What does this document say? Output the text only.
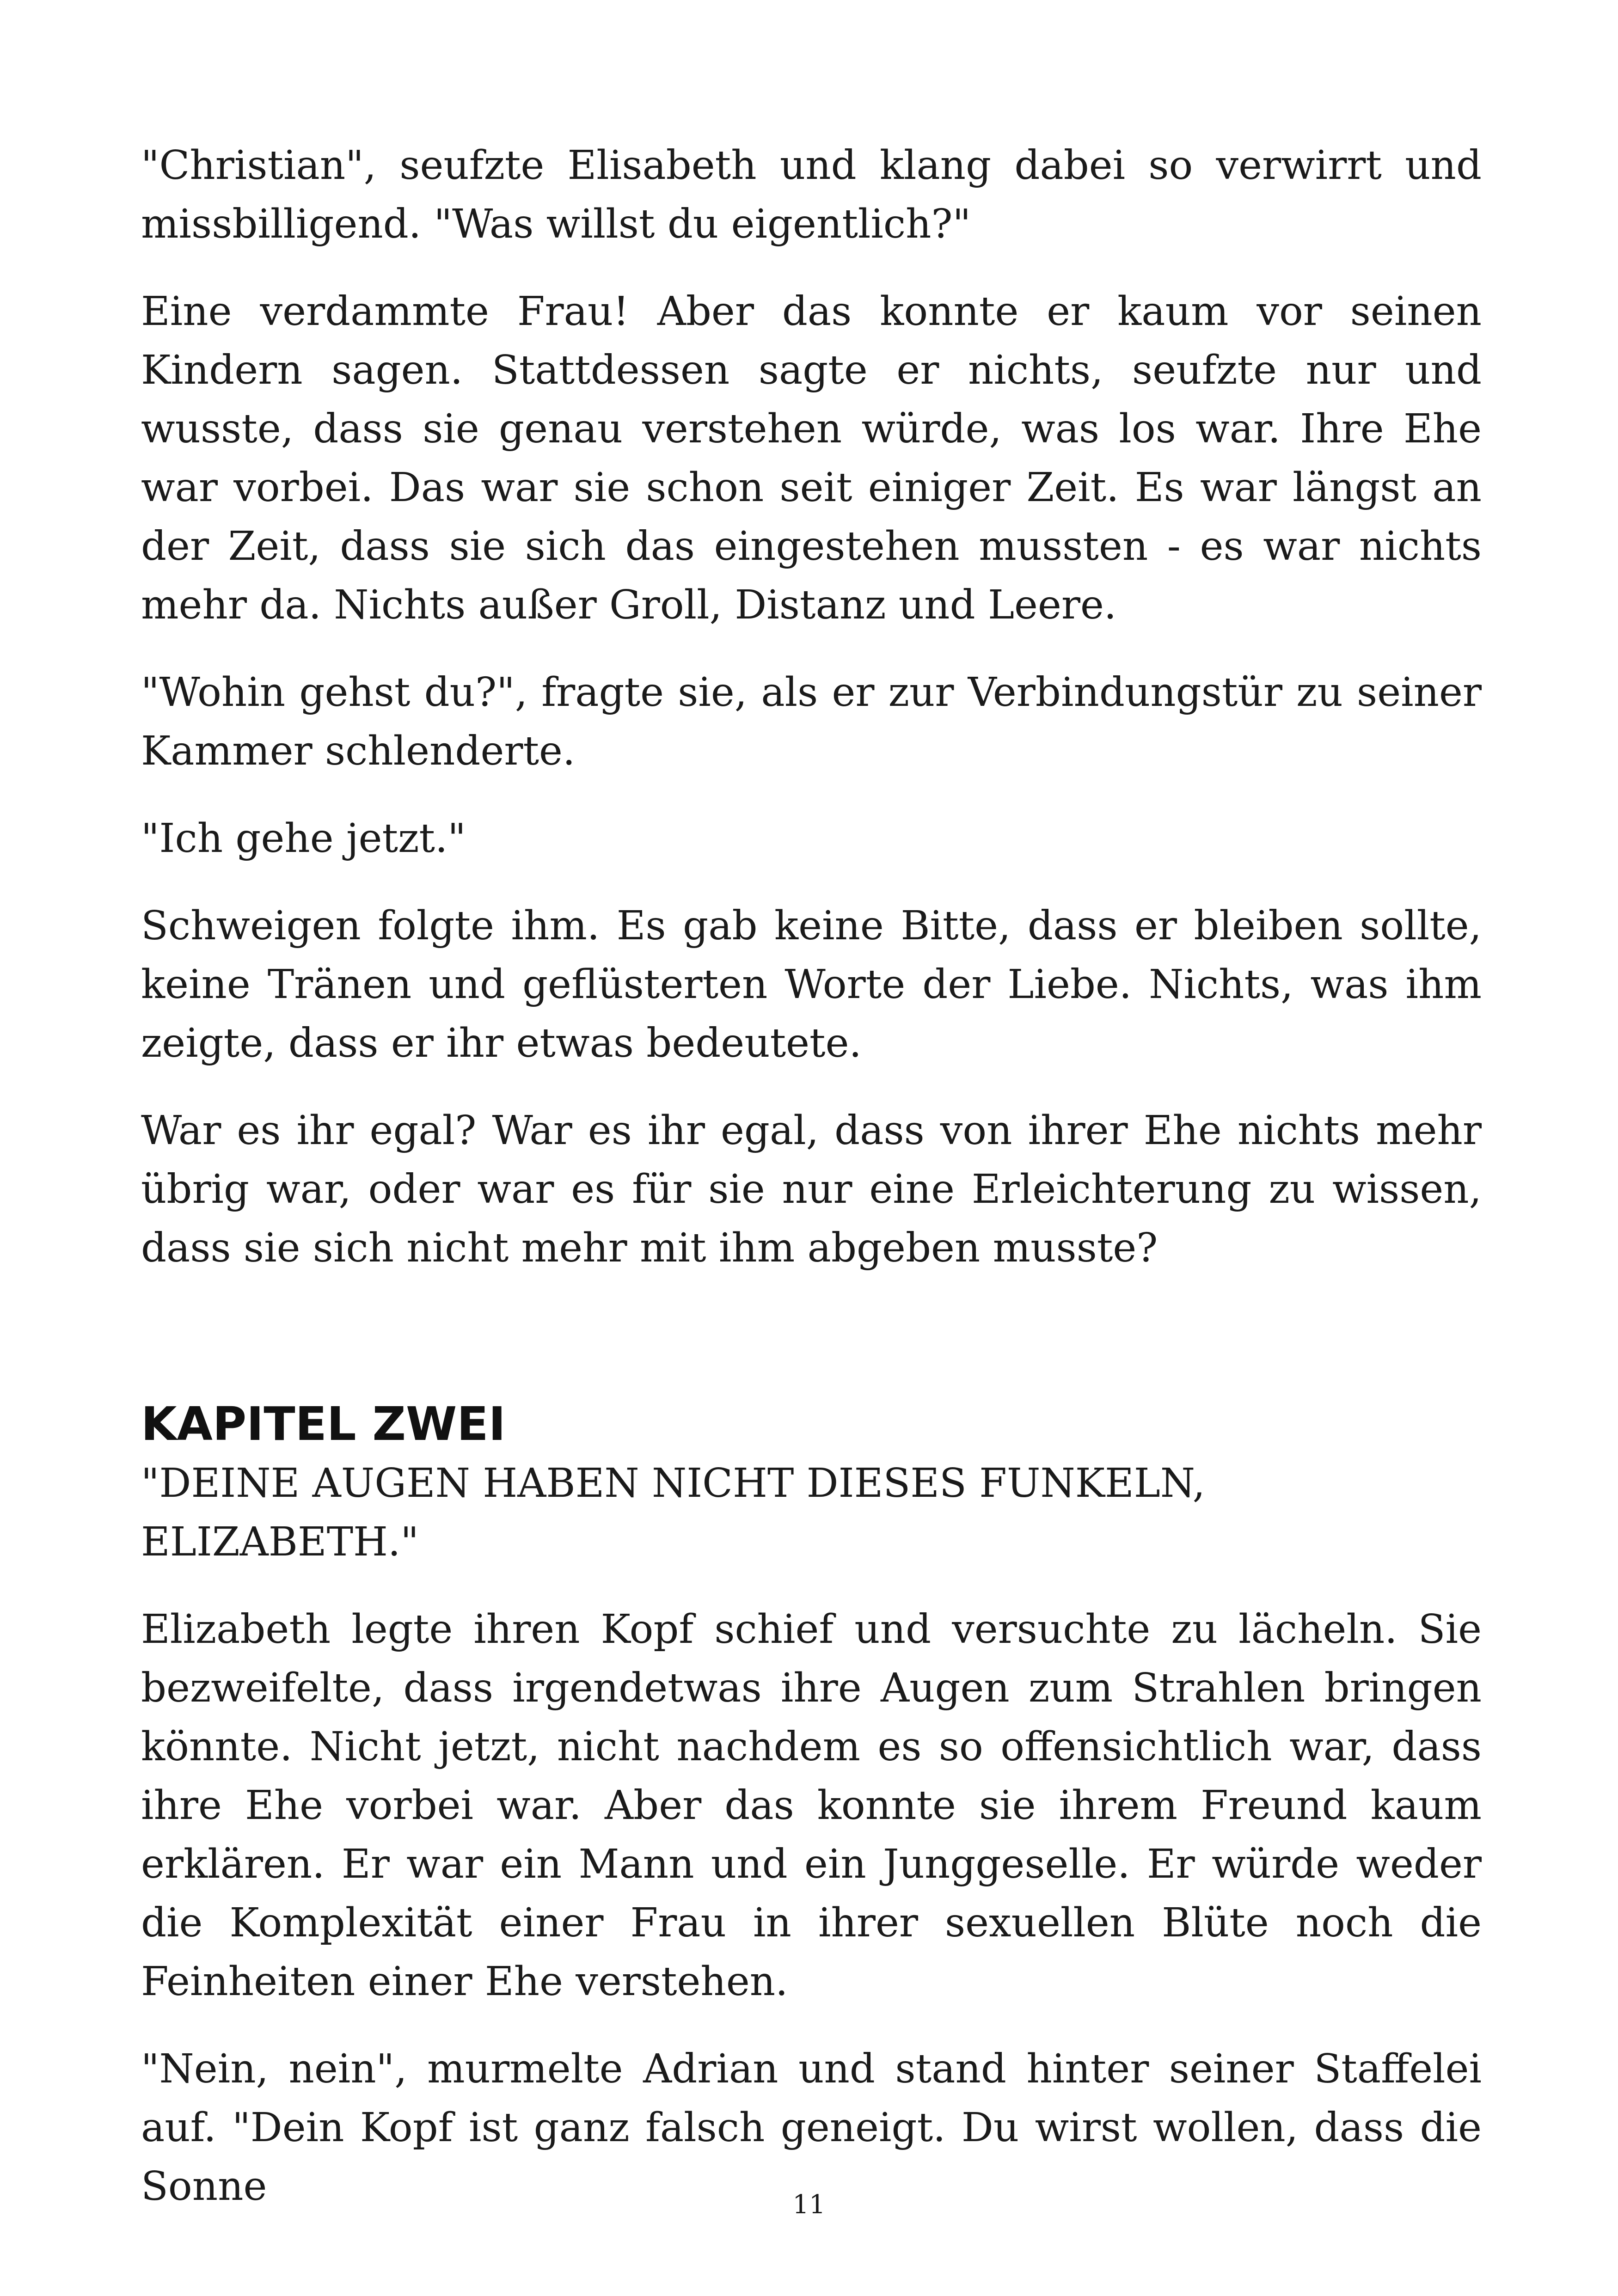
"Christian", seufzte Elisabeth und klang dabei so verwirrt und missbilligend. "Was willst du eigentlich?"

Eine verdammte Frau! Aber das konnte er kaum vor seinen Kindern sagen. Stattdessen sagte er nichts, seufzte nur und wusste, dass sie genau verstehen würde, was los war. Ihre Ehe war vorbei. Das war sie schon seit einiger Zeit. Es war längst an der Zeit, dass sie sich das eingestehen mussten - es war nichts mehr da. Nichts außer Groll, Distanz und Leere.

"Wohin gehst du?", fragte sie, als er zur Verbindungstür zu seiner Kammer schlenderte.

"Ich gehe jetzt."

Schweigen folgte ihm. Es gab keine Bitte, dass er bleiben sollte, keine Tränen und geflüsterten Worte der Liebe. Nichts, was ihm zeigte, dass er ihr etwas bedeutete.

War es ihr egal? War es ihr egal, dass von ihrer Ehe nichts mehr übrig war, oder war es für sie nur eine Erleichterung zu wissen, dass sie sich nicht mehr mit ihm abgeben musste?

KAPITEL ZWEI

"DEINE AUGEN HABEN NICHT DIESES FUNKELN, ELIZABETH."

Elizabeth legte ihren Kopf schief und versuchte zu lächeln. Sie bezweifelte, dass irgendetwas ihre Augen zum Strahlen bringen könnte. Nicht jetzt, nicht nachdem es so offensichtlich war, dass ihre Ehe vorbei war. Aber das konnte sie ihrem Freund kaum erklären. Er war ein Mann und ein Junggeselle. Er würde weder die Komplexität einer Frau in ihrer sexuellen Blüte noch die Feinheiten einer Ehe verstehen.

"Nein, nein", murmelte Adrian und stand hinter seiner Staffelei auf. "Dein Kopf ist ganz falsch geneigt. Du wirst wollen, dass die Sonne	11
